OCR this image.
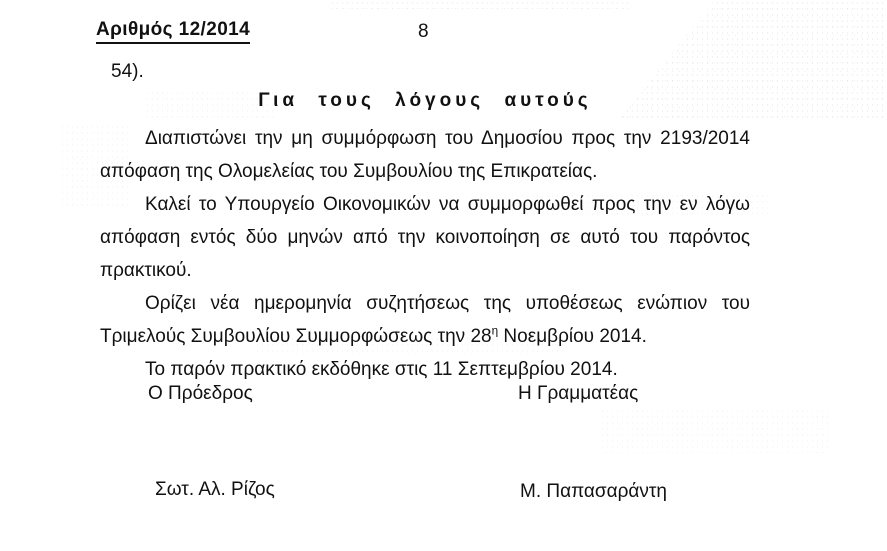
Αριθμός 12/2014	8
54).
Για τους λόγους αυτούς
Διαπιστώνει την μη συμμόρφωση του Δημοσίου προς την 2193/2014
απόφαση της Ολομελείας του Συμβουλίου της Επικρατείας.
Καλεί το Υπουργείο Οικονομικών να συμμορφωθεί προς την εν λόγω
απόφαση εντός δύο μηνών από την κοινοποίηση σε αυτό του παρόντος
πρακτικού.
Ορίζει νέα ημερομηνία συζητήσεως της υποθέσεως ενώπιον του
Τριμελούς Συμβουλίου Συμμορφώσεως την $28^\eta$ Νοεμβρίου 2014.
Το παρόν πρακτικό εκδόθηκε στις 11 Σεπτεμβρίου 2014.
Ο Πρόεδρος	Η Γραμματέας
Σωτ. Αλ. Ρίζος	Μ. Παπασαράντη
